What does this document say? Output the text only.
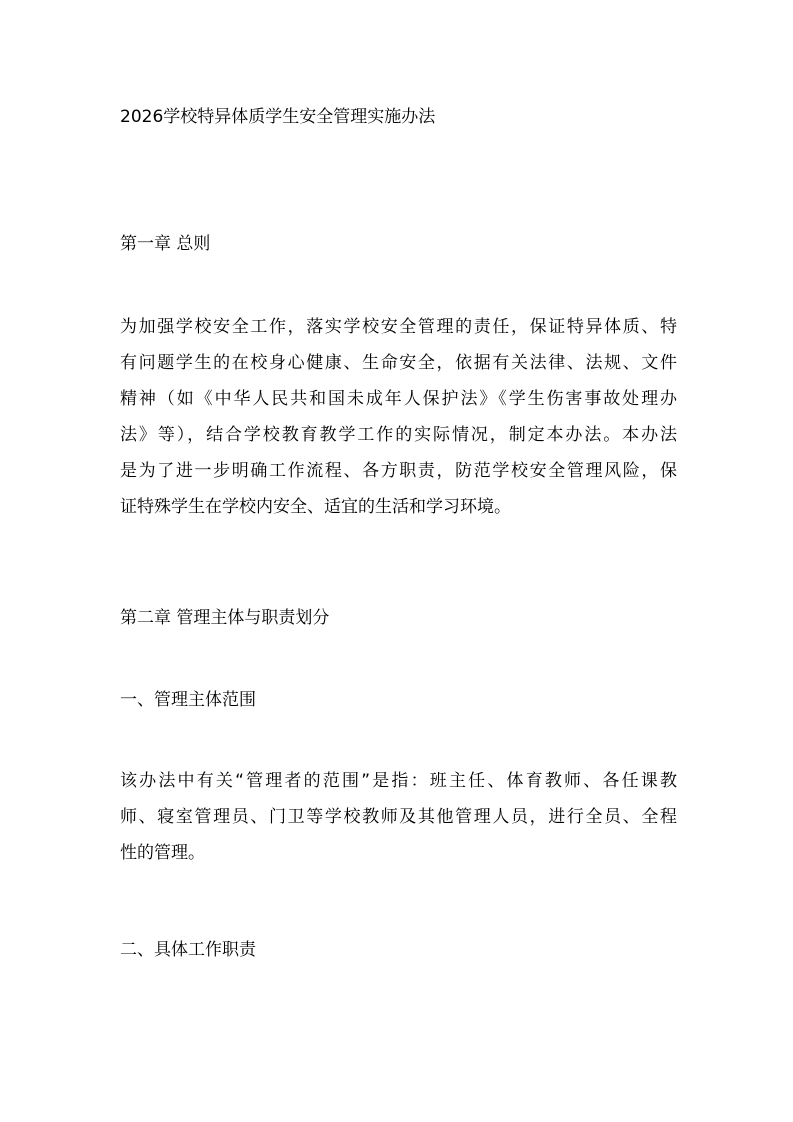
2026学校特异体质学生安全管理实施办法
第一章 总则

为加强学校安全工作，落实学校安全管理的责任，保证特异体质、特
有问题学生的在校身心健康、生命安全，依据有关法律、法规、文件
精神（如《中华人民共和国未成年人保护法》《学生伤害事故处理办
法》等），结合学校教育教学工作的实际情况，制定本办法。本办法
是为了进一步明确工作流程、各方职责，防范学校安全管理风险，保
证特殊学生在学校内安全、适宜的生活和学习环境。

第二章 管理主体与职责划分
一、管理主体范围

该办法中有关“管理者的范围”是指：班主任、体育教师、各任课教
师、寝室管理员、门卫等学校教师及其他管理人员，进行全员、全程
性的管理。

二、具体工作职责
